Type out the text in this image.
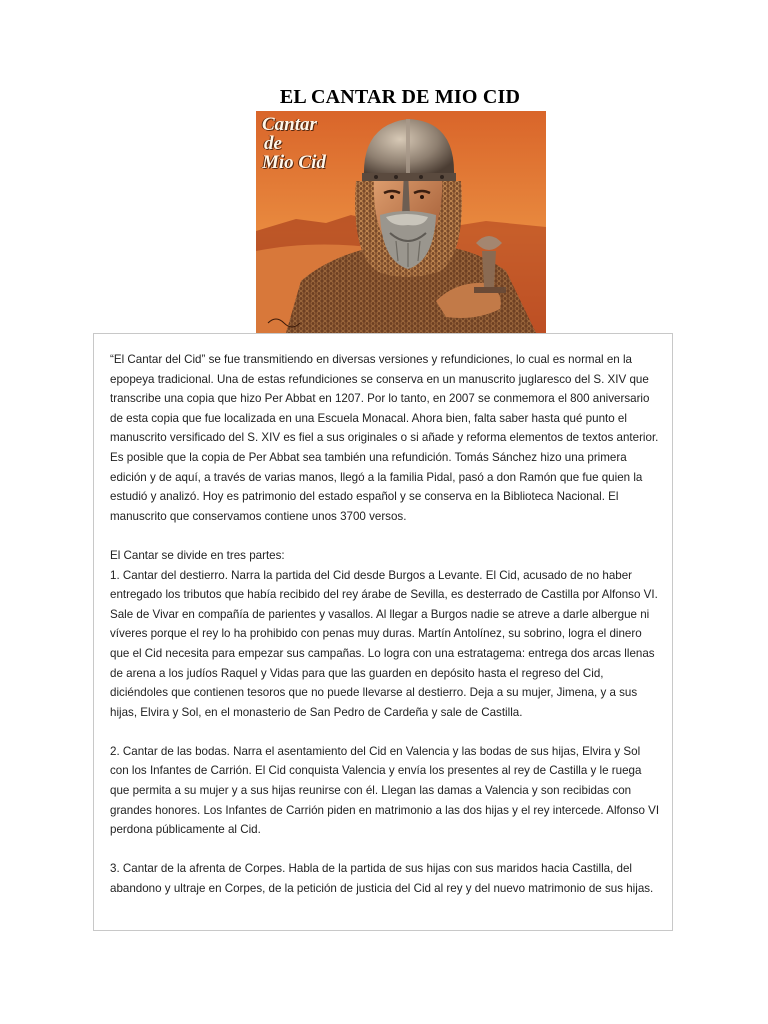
EL CANTAR DE MIO CID
Cantar
de
Mio Cid

“El Cantar del Cid” se fue transmitiendo en diversas versiones y refundiciones, lo cual es normal en la epopeya tradicional. Una de estas refundiciones se conserva en un manuscrito juglaresco del S. XIV que transcribe una copia que hizo Per Abbat en 1207. Por lo tanto, en 2007 se conmemora el 800 aniversario de esta copia que fue localizada en una Escuela Monacal. Ahora bien, falta saber hasta qué punto el manuscrito versificado del S. XIV es fiel a sus originales o si añade y reforma elementos de textos anterior. Es posible que la copia de Per Abbat sea también una refundición. Tomás Sánchez hizo una primera edición y de aquí, a través de varias manos, llegó a la familia Pidal, pasó a don Ramón que fue quien la estudió y analizó. Hoy es patrimonio del estado español y se conserva en la Biblioteca Nacional. El manuscrito que conservamos contiene unos 3700 versos.

El Cantar se divide en tres partes:

1. Cantar del destierro. Narra la partida del Cid desde Burgos a Levante. El Cid, acusado de no haber entregado los tributos que había recibido del rey árabe de Sevilla, es desterrado de Castilla por Alfonso VI. Sale de Vivar en compañía de parientes y vasallos. Al llegar a Burgos nadie se atreve a darle albergue ni víveres porque el rey lo ha prohibido con penas muy duras. Martín Antolínez, su sobrino, logra el dinero que el Cid necesita para empezar sus campañas. Lo logra con una estratagema: entrega dos arcas llenas de arena a los judíos Raquel y Vidas para que las guarden en depósito hasta el regreso del Cid, diciéndoles que contienen tesoros que no puede llevarse al destierro. Deja a su mujer, Jimena, y a sus hijas, Elvira y Sol, en el monasterio de San Pedro de Cardeña y sale de Castilla.

2. Cantar de las bodas. Narra el asentamiento del Cid en Valencia y las bodas de sus hijas, Elvira y Sol con los Infantes de Carrión. El Cid conquista Valencia y envía los presentes al rey de Castilla y le ruega que permita a su mujer y a sus hijas reunirse con él. Llegan las damas a Valencia y son recibidas con grandes honores. Los Infantes de Carrión piden en matrimonio a las dos hijas y el rey intercede. Alfonso VI perdona públicamente al Cid.

3. Cantar de la afrenta de Corpes. Habla de la partida de sus hijas con sus maridos hacia Castilla, del abandono y ultraje en Corpes, de la petición de justicia del Cid al rey y del nuevo matrimonio de sus hijas.
